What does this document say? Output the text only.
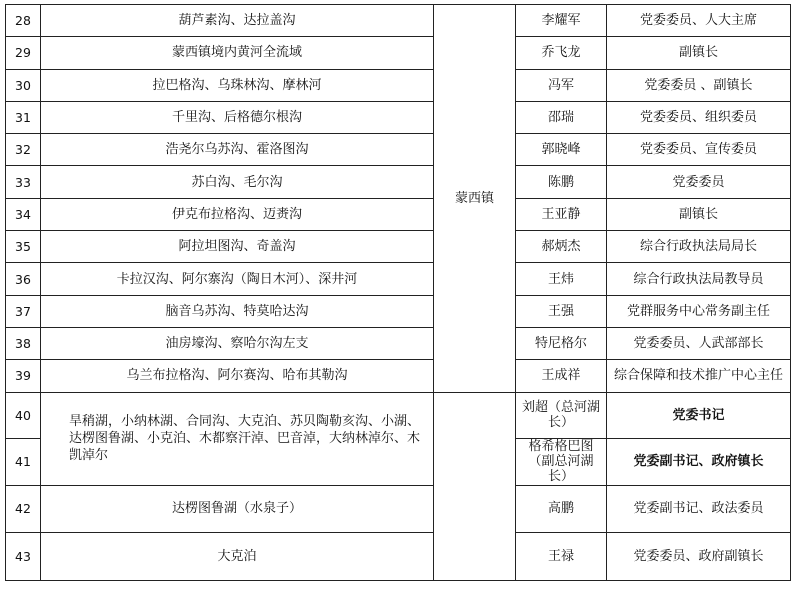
28	葫芦素沟、达拉盖沟	蒙西镇	李耀军	党委委员、人大主席
29	蒙西镇境内黄河全流域		乔飞龙	副镇长
30	拉巴格沟、乌珠林沟、摩林河		冯军	党委委员 、副镇长
31	千里沟、后格德尔根沟		邵瑞	党委委员、组织委员
32	浩尧尔乌苏沟、霍洛图沟		郭晓峰	党委委员、宣传委员
33	苏白沟、毛尔沟		陈鹏	党委委员
34	伊克布拉格沟、迈赉沟		王亚静	副镇长
35	阿拉坦图沟、奇盖沟		郝炳杰	综合行政执法局局长
36	卡拉汉沟、阿尔寨沟（陶日木河）、深井河		王炜	综合行政执法局教导员
37	脑音乌苏沟、特莫哈达沟		王强	党群服务中心常务副主任
38	油房壕沟、察哈尔沟左支		特尼格尔	党委委员、人武部部长
39	乌兰布拉格沟、阿尔赛沟、哈布其勒沟		王成祥	综合保障和技术推广中心主任
40	旱稍湖，小纳林湖、合同沟、大克泊、苏贝陶勒亥沟、小湖、达楞图鲁湖、小克泊、木都察汗淖、巴音淖，大纳林淖尔、木凯淖尔		刘超（总河湖长）	党委书记
41			格希格巴图（副总河湖长）	党委副书记、政府镇长
42	达楞图鲁湖（水泉子）		高鹏	党委副书记、政法委员
43	大克泊		王禄	党委委员、政府副镇长
